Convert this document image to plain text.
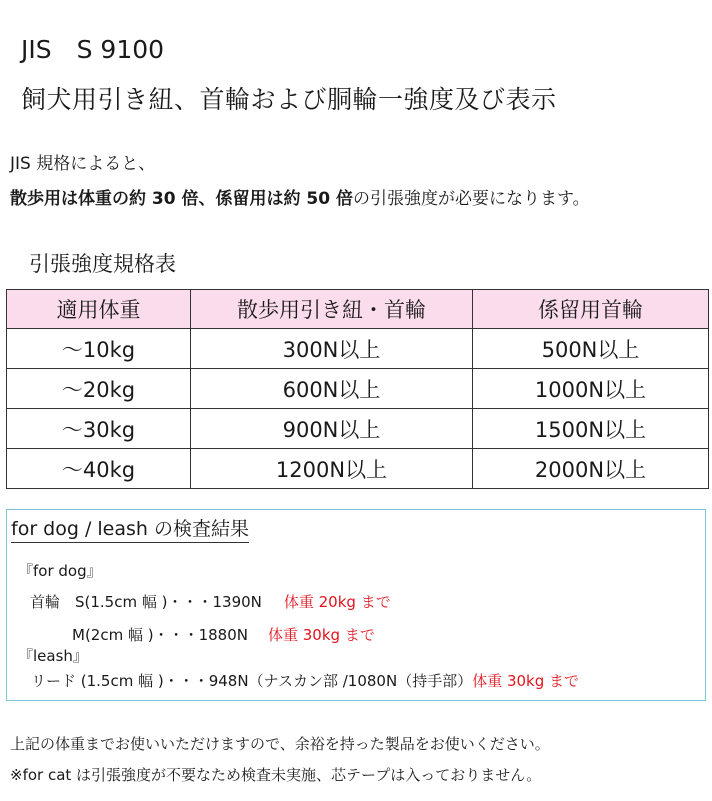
JIS　S 9100
飼犬用引き紐、首輪および胴輪一強度及び表示
JIS 規格によると、
散歩用は体重の約 30 倍、係留用は約 50 倍の引張強度が必要になります。
引張強度規格表
適用体重	散歩用引き紐・首輪	係留用首輪
～10kg	300N以上	500N以上
～20kg	600N以上	1000N以上
～30kg	900N以上	1500N以上
～40kg	1200N以上	2000N以上
for dog / leash の検査結果
『for dog』
首輪　S(1.5cm 幅 )・・・1390N 体重 20kg まで
M(2cm 幅 )・・・1880N 体重 30kg まで
『leash』
リード (1.5cm 幅 )・・・948N（ナスカン部 /1080N（持手部）体重 30kg まで
上記の体重までお使いいただけますので、余裕を持った製品をお使いください。
※for cat は引張強度が不要なため検査未実施、芯テープは入っておりません。
